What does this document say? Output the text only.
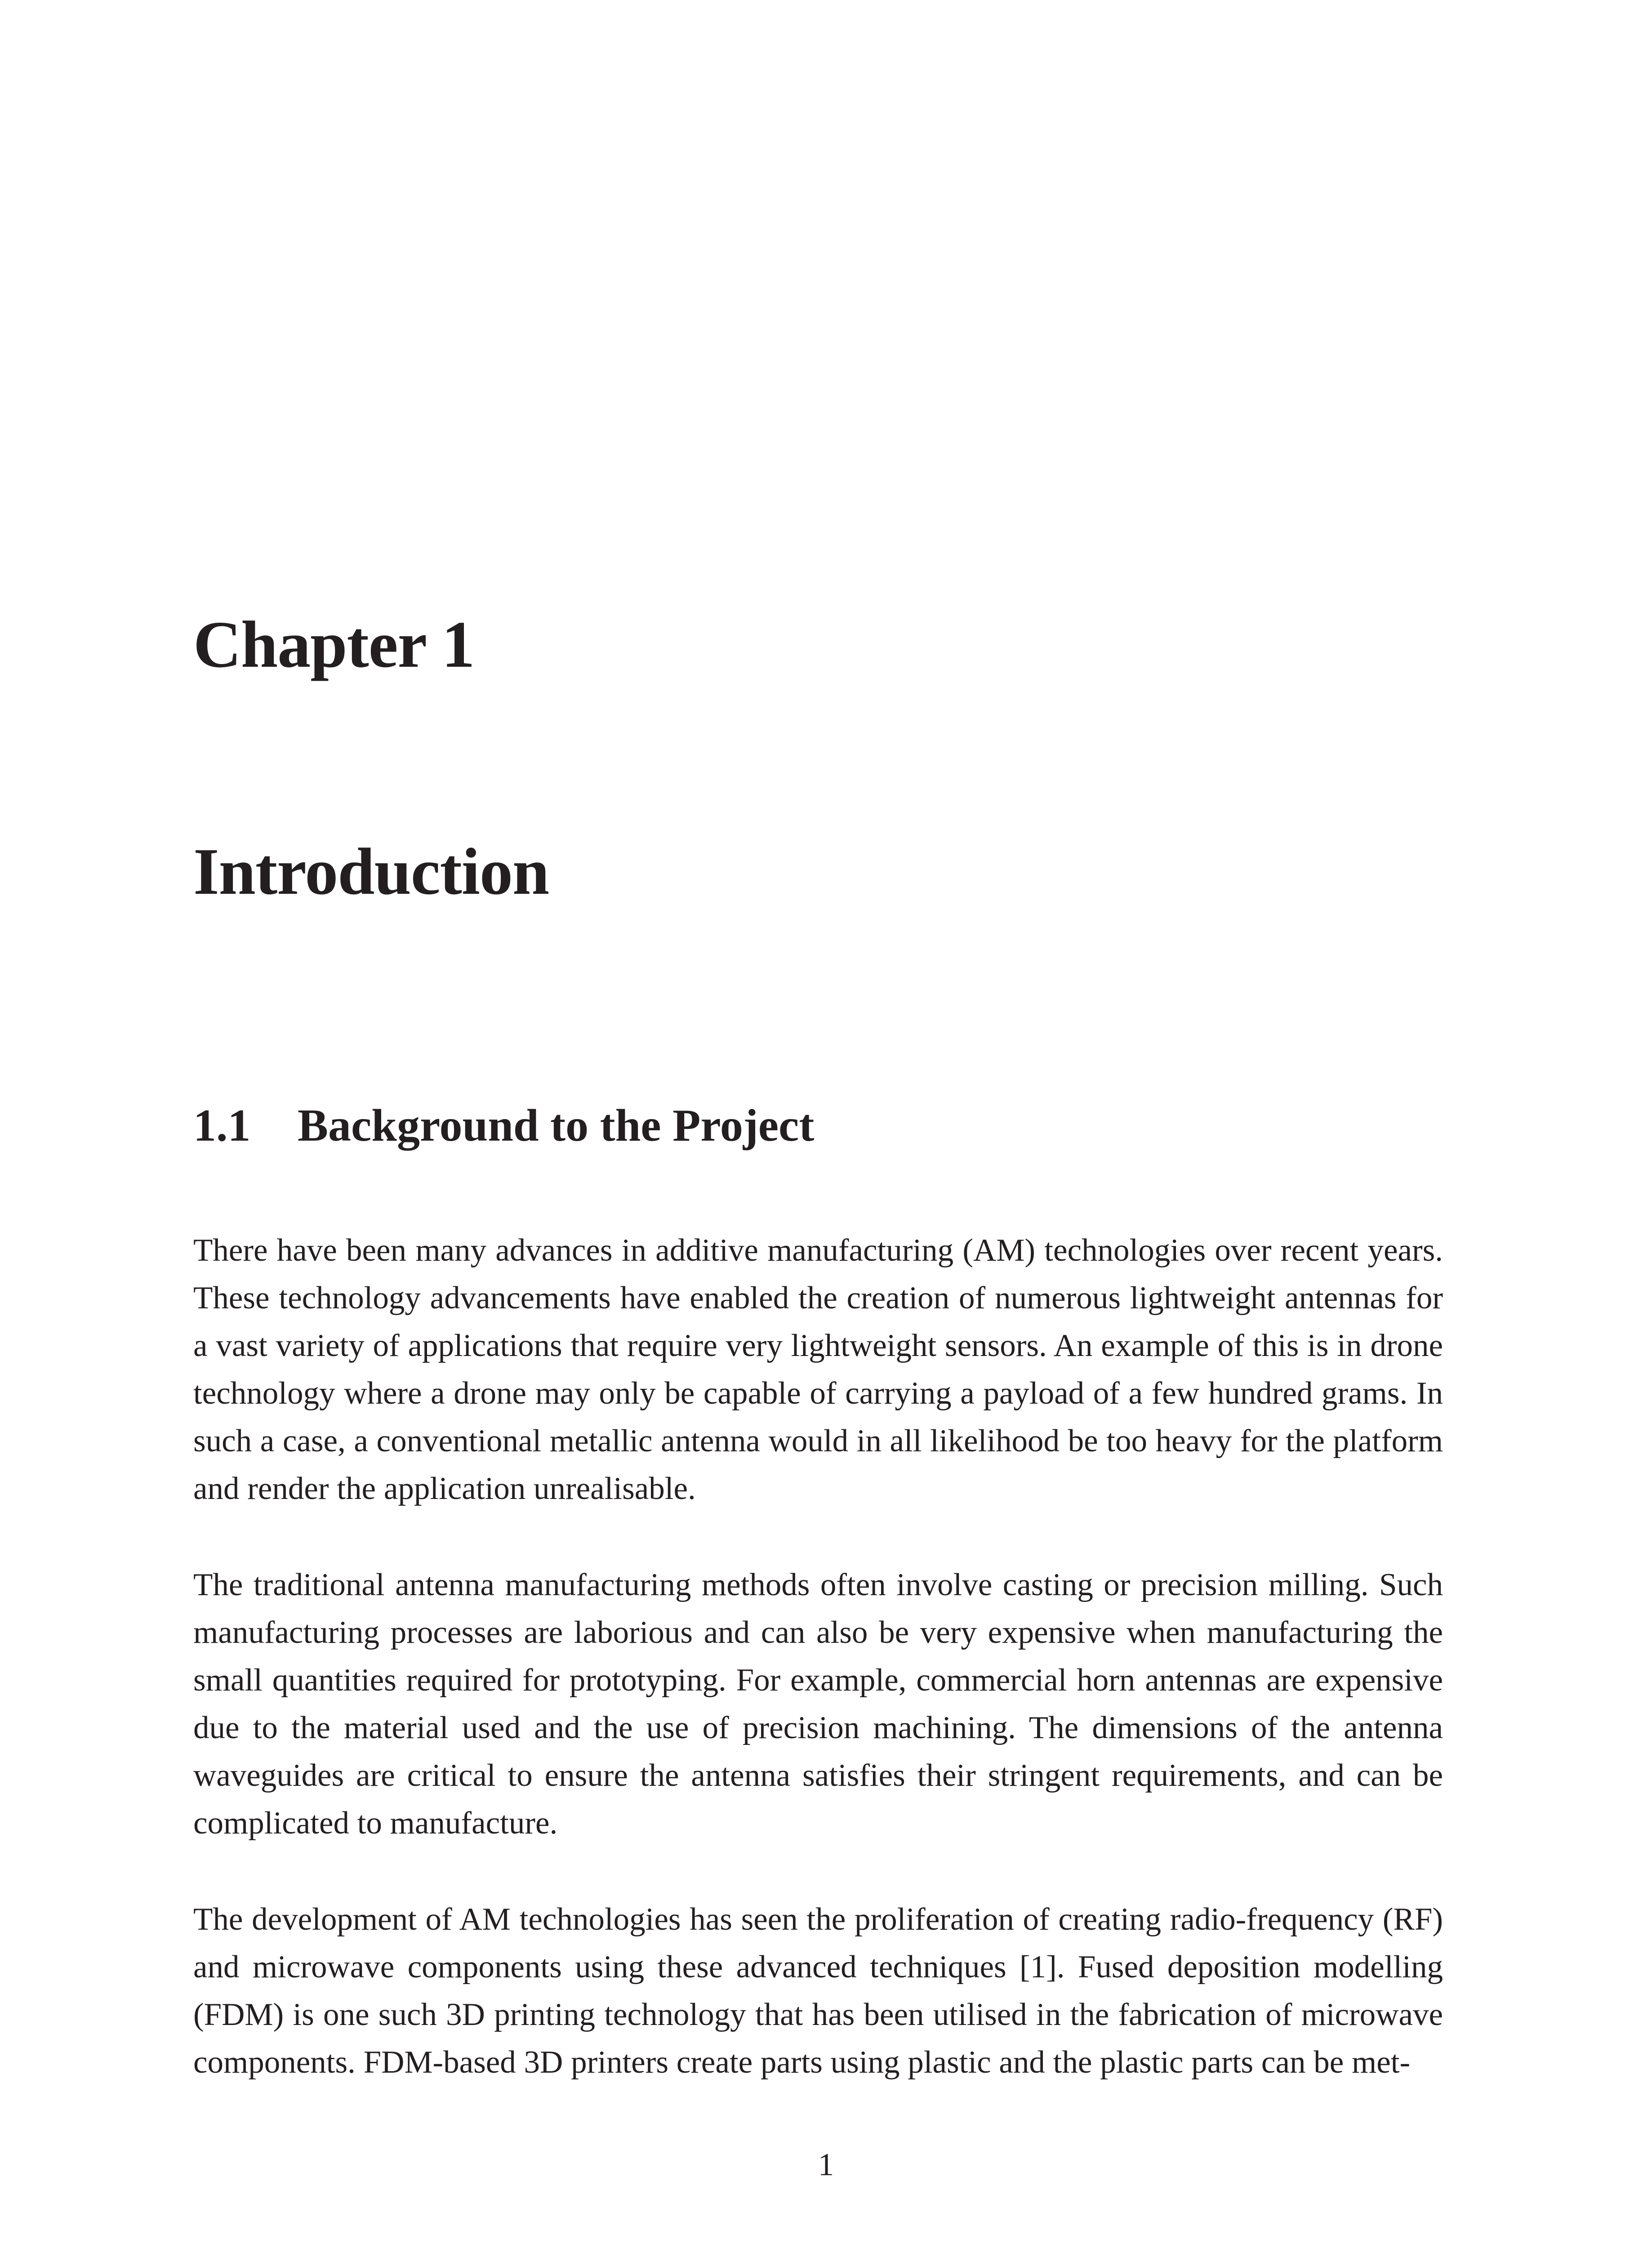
Chapter 1
Introduction
1.1 Background to the Project

There have been many advances in additive manufacturing (AM) technologies over recent years. These technology advancements have enabled the creation of numerous lightweight antennas for a vast variety of applications that require very lightweight sensors. An example of this is in drone technology where a drone may only be capable of carrying a payload of a few hundred grams. In such a case, a conventional metallic antenna would in all likelihood be too heavy for the platform and render the application unrealisable.

The traditional antenna manufacturing methods often involve casting or precision milling. Such manufacturing processes are laborious and can also be very expensive when manufacturing the small quantities required for prototyping. For example, commercial horn antennas are expensive due to the material used and the use of precision machining. The dimensions of the antenna waveguides are critical to ensure the antenna satisfies their stringent requirements, and can be complicated to manufacture.

The development of AM technologies has seen the proliferation of creating radio-frequency (RF) and microwave components using these advanced techniques [1]. Fused deposition modelling (FDM) is one such 3D printing technology that has been utilised in the fabrication of microwave components. FDM-based 3D printers create parts using plastic and the plastic parts can be met-

1
